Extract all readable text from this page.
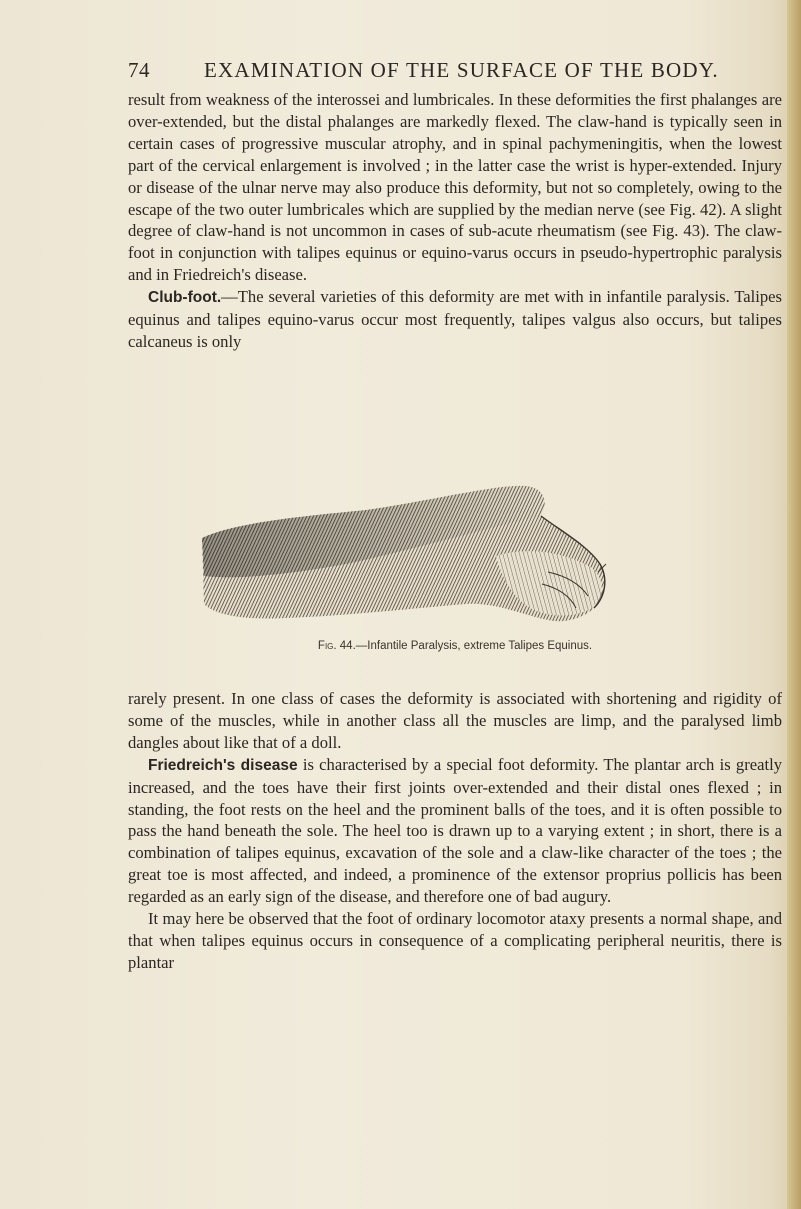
74	EXAMINATION OF THE SURFACE OF THE BODY.

result from weakness of the interossei and lumbricales. In these deformities the first phalanges are over-extended, but the distal phalanges are markedly flexed. The claw-hand is typically seen in certain cases of progressive muscular atrophy, and in spinal pachymeningitis, when the lowest part of the cervical enlargement is involved ; in the latter case the wrist is hyper-extended. Injury or disease of the ulnar nerve may also produce this deformity, but not so completely, owing to the escape of the two outer lumbricales which are supplied by the median nerve (see Fig. 42). A slight degree of claw-hand is not uncommon in cases of sub-acute rheumatism (see Fig. 43). The claw-foot in conjunction with talipes equinus or equino-varus occurs in pseudo-hypertrophic paralysis and in Friedreich's disease.

Club-foot.—The several varieties of this deformity are met with in infantile paralysis. Talipes equinus and talipes equino-varus occur most frequently, talipes valgus also occurs, but talipes calcaneus is only

Fig. 44.—Infantile Paralysis, extreme Talipes Equinus.

rarely present. In one class of cases the deformity is associated with shortening and rigidity of some of the muscles, while in another class all the muscles are limp, and the paralysed limb dangles about like that of a doll.

Friedreich's disease is characterised by a special foot deformity. The plantar arch is greatly increased, and the toes have their first joints over-extended and their distal ones flexed ; in standing, the foot rests on the heel and the prominent balls of the toes, and it is often possible to pass the hand beneath the sole. The heel too is drawn up to a varying extent ; in short, there is a combination of talipes equinus, excavation of the sole and a claw-like character of the toes ; the great toe is most affected, and indeed, a prominence of the extensor proprius pollicis has been regarded as an early sign of the disease, and therefore one of bad augury.

It may here be observed that the foot of ordinary locomotor ataxy presents a normal shape, and that when talipes equinus occurs in consequence of a complicating peripheral neuritis, there is plantar
